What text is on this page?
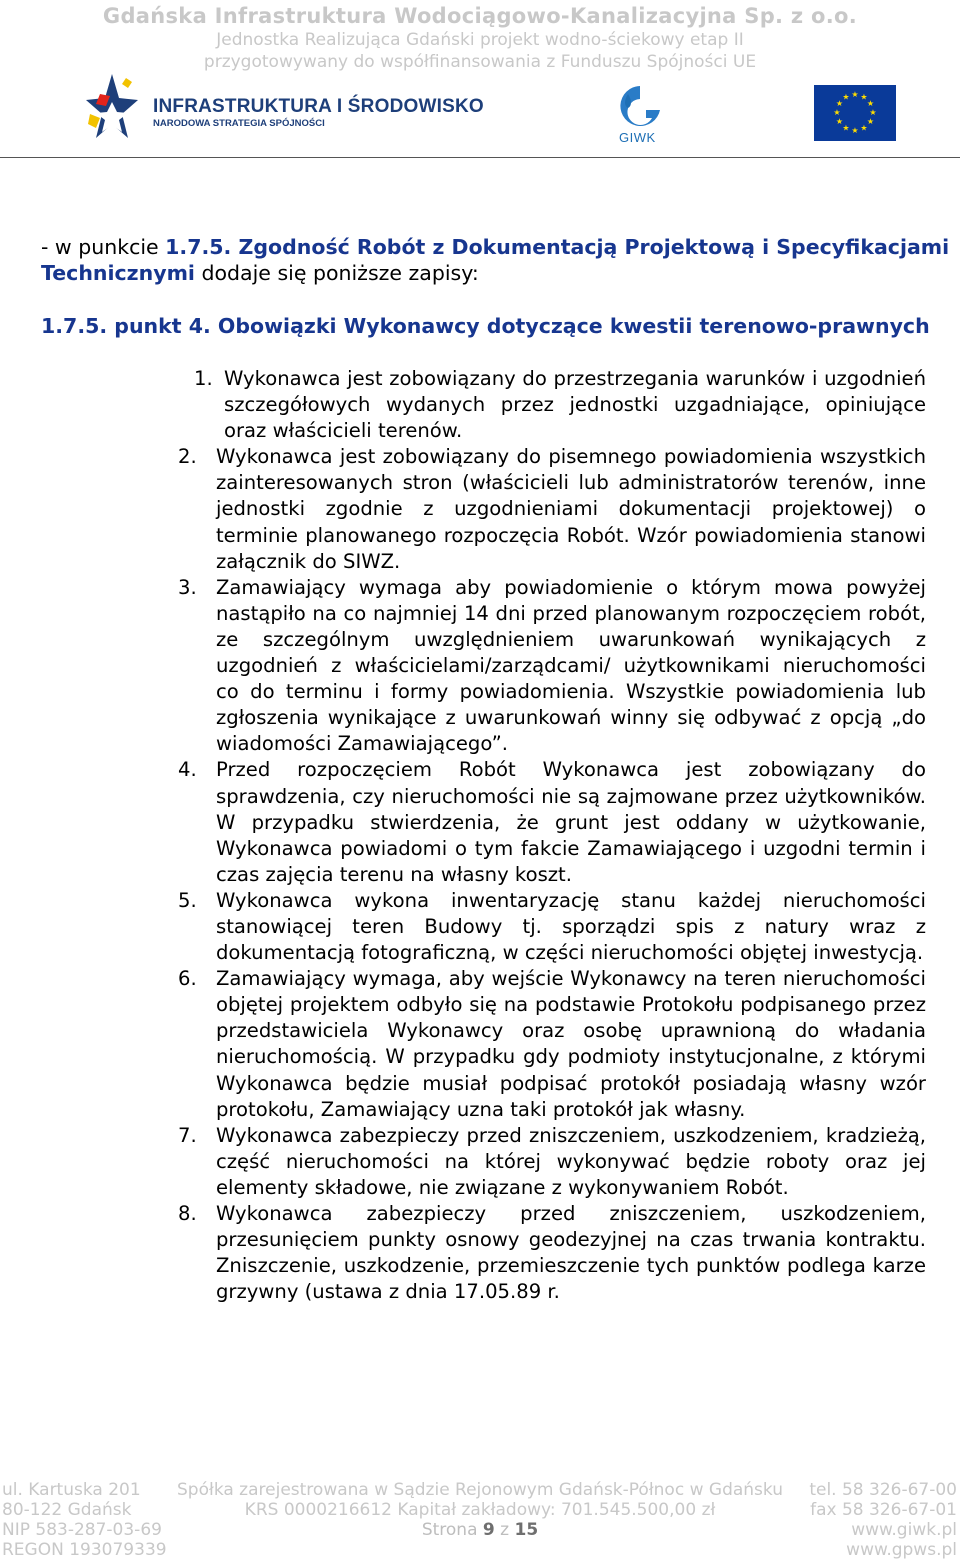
Gdańska Infrastruktura Wodociągowo-Kanalizacyjna Sp. z o.o.
Jednostka Realizująca Gdański projekt wodno-ściekowy etap II
przygotowywany do współfinansowania z Funduszu Spójności UE
INFRASTRUKTURA I ŚRODOWISKO
NARODOWA STRATEGIA SPÓJNOŚCI
GIWK
★ ★
★
★
★
★
★
★
★
★
★
★
- w punkcie 1.7.5. Zgodność Robót z Dokumentacją Projektową i Specyfikacjami Technicznymi dodaje się poniższe zapisy:
1.7.5. punkt 4. Obowiązki Wykonawcy dotyczące kwestii terenowo-prawnych
1. Wykonawca jest zobowiązany do przestrzegania warunków i uzgodnień szczegółowych wydanych przez jednostki uzgadniające, opiniujące oraz właścicieli terenów.
2. Wykonawca jest zobowiązany do pisemnego powiadomienia wszystkich zainteresowanych stron (właścicieli lub administratorów terenów, inne jednostki zgodnie z uzgodnieniami dokumentacji projektowej) o terminie planowanego rozpoczęcia Robót. Wzór powiadomienia stanowi załącznik do SIWZ.
3. Zamawiający wymaga aby powiadomienie o którym mowa powyżej nastąpiło na co najmniej 14 dni przed planowanym rozpoczęciem robót, ze szczególnym uwzględnieniem uwarunkowań wynikających z uzgodnień z właścicielami/zarządcami/ użytkownikami nieruchomości co do terminu i formy powiadomienia. Wszystkie powiadomienia lub zgłoszenia wynikające z uwarunkowań winny się odbywać z opcją „do wiadomości Zamawiającego”.
4. Przed rozpoczęciem Robót Wykonawca jest zobowiązany do sprawdzenia, czy nieruchomości nie są zajmowane przez użytkowników. W przypadku stwierdzenia, że grunt jest oddany w użytkowanie, Wykonawca powiadomi o tym fakcie Zamawiającego i uzgodni termin i czas zajęcia terenu na własny koszt.
5. Wykonawca wykona inwentaryzację stanu każdej nieruchomości stanowiącej teren Budowy tj. sporządzi spis z natury wraz z dokumentacją fotograficzną, w części nieruchomości objętej inwestycją.
6. Zamawiający wymaga, aby wejście Wykonawcy na teren nieruchomości objętej projektem odbyło się na podstawie Protokołu podpisanego przez przedstawiciela Wykonawcy oraz osobę uprawnioną do władania nieruchomością. W przypadku gdy podmioty instytucjonalne, z którymi Wykonawca będzie musiał podpisać protokół posiadają własny wzór protokołu, Zamawiający uzna taki protokół jak własny.
7. Wykonawca zabezpieczy przed zniszczeniem, uszkodzeniem, kradzieżą, część nieruchomości na której wykonywać będzie roboty oraz jej elementy składowe, nie związane z wykonywaniem Robót.
8. Wykonawca zabezpieczy przed zniszczeniem, uszkodzeniem, przesunięciem punkty osnowy geodezyjnej na czas trwania kontraktu. Zniszczenie, uszkodzenie, przemieszczenie tych punktów podlega karze grzywny (ustawa z dnia 17.05.89 r.
ul. Kartuska 201
80-122 Gdańsk
NIP 583-287-03-69
REGON 193079339
Spółka zarejestrowana w Sądzie Rejonowym Gdańsk-Północ w Gdańsku
KRS 0000216612 Kapitał zakładowy: 701.545.500,00 zł
Strona 9 z 15
tel. 58 326-67-00
fax 58 326-67-01
www.giwk.pl
www.gpws.pl
